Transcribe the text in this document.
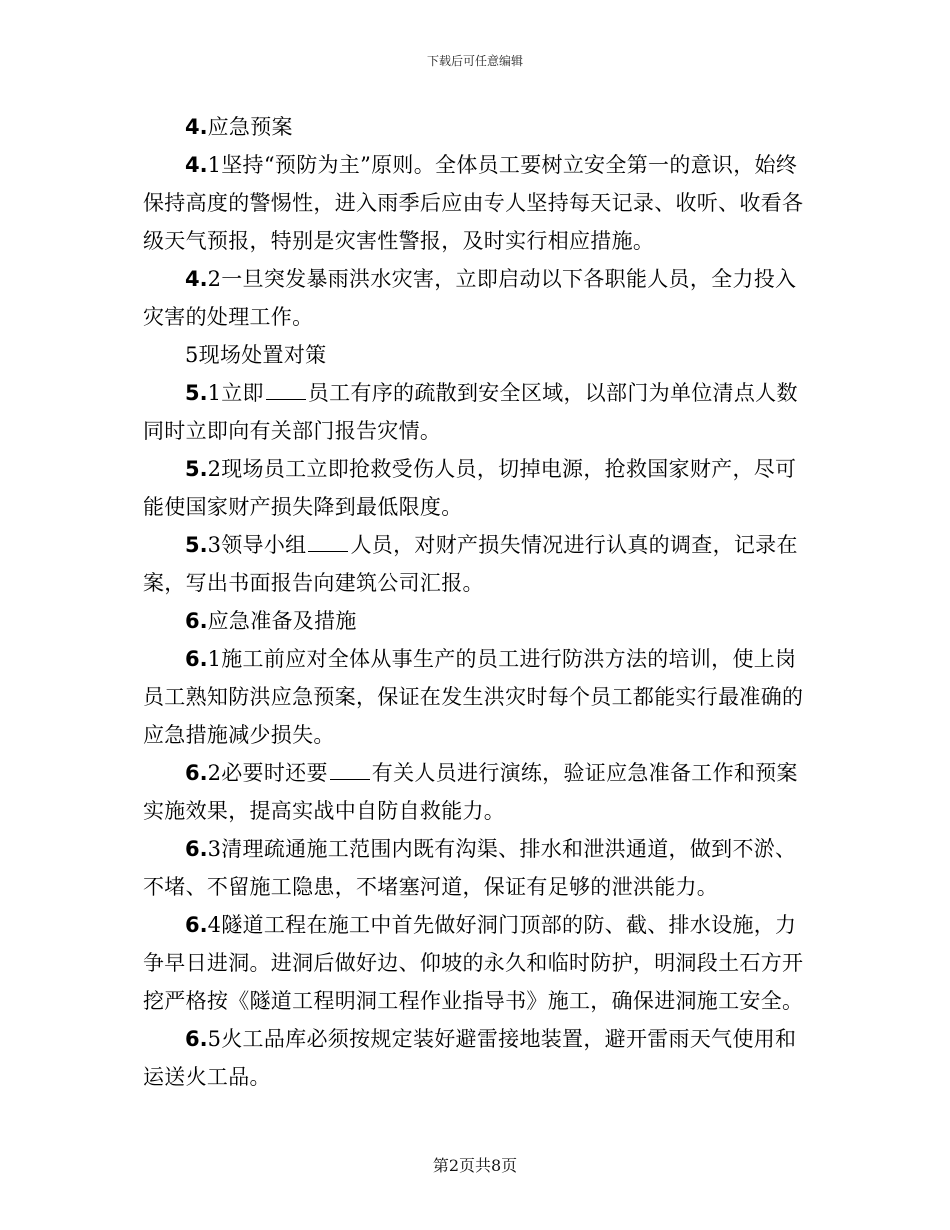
下载后可任意编辑

4.应急预案

4.1坚持“预防为主”原则。全体员工要树立安全第一的意识，始终保持高度的警惕性，进入雨季后应由专人坚持每天记录、收听、收看各级天气预报，特别是灾害性警报，及时实行相应措施。

4.2一旦突发暴雨洪水灾害，立即启动以下各职能人员，全力投入灾害的处理工作。

5现场处置对策

5.1立即 员工有序的疏散到安全区域，以部门为单位清点人数同时立即向有关部门报告灾情。

5.2现场员工立即抢救受伤人员，切掉电源，抢救国家财产，尽可能使国家财产损失降到最低限度。

5.3领导小组 人员，对财产损失情况进行认真的调查，记录在案，写出书面报告向建筑公司汇报。

6.应急准备及措施

6.1施工前应对全体从事生产的员工进行防洪方法的培训，使上岗员工熟知防洪应急预案，保证在发生洪灾时每个员工都能实行最准确的应急措施减少损失。

6.2必要时还要 有关人员进行演练，验证应急准备工作和预案实施效果，提高实战中自防自救能力。

6.3清理疏通施工范围内既有沟渠、排水和泄洪通道，做到不淤、不堵、不留施工隐患，不堵塞河道，保证有足够的泄洪能力。

6.4隧道工程在施工中首先做好洞门顶部的防、截、排水设施，力争早日进洞。进洞后做好边、仰坡的永久和临时防护，明洞段土石方开挖严格按《隧道工程明洞工程作业指导书》施工，确保进洞施工安全。

6.5火工品库必须按规定装好避雷接地装置，避开雷雨天气使用和运送火工品。

第2页共8页
